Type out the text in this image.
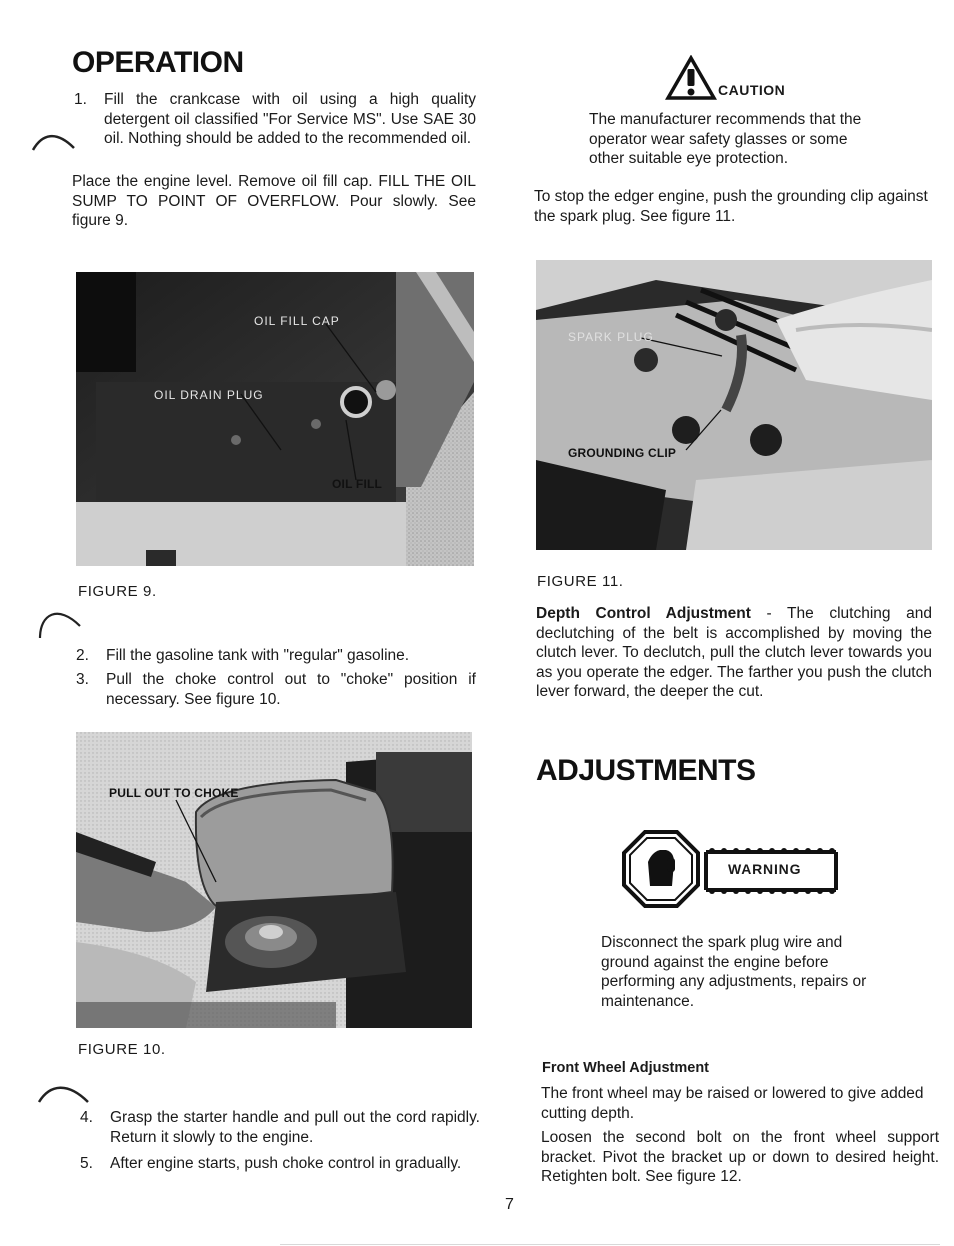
OPERATION
1.	Fill the crankcase with oil using a high quality detergent oil classified "For Service MS". Use SAE 30 oil. Nothing should be added to the recommended oil.
Place the engine level. Remove oil fill cap. FILL THE OIL SUMP TO POINT OF OVERFLOW. Pour slowly. See figure 9.
OIL FILL CAP
OIL DRAIN PLUG
OIL FILL
FIGURE 9.
2.	Fill the gasoline tank with "regular" gasoline.
3.	Pull the choke control out to "choke" position if necessary. See figure 10.
PULL OUT TO CHOKE
FIGURE 10.
4.	Grasp the starter handle and pull out the cord rapidly. Return it slowly to the engine.
5.	After engine starts, push choke control in gradually.
CAUTION
The manufacturer recommends that the operator wear safety glasses or some other suitable eye protection.
To stop the edger engine, push the grounding clip against the spark plug. See figure 11.
SPARK PLUG
GROUNDING CLIP
FIGURE 11.
Depth Control Adjustment - The clutching and declutching of the belt is accomplished by moving the clutch lever. To declutch, pull the clutch lever towards you as you operate the edger. The farther you push the clutch lever forward, the deeper the cut.
ADJUSTMENTS
WARNING
Disconnect the spark plug wire and ground against the engine before performing any adjustments, repairs or maintenance.
Front Wheel Adjustment
The front wheel may be raised or lowered to give added cutting depth.
Loosen the second bolt on the front wheel support bracket. Pivot the bracket up or down to desired height. Retighten bolt. See figure 12.
7
